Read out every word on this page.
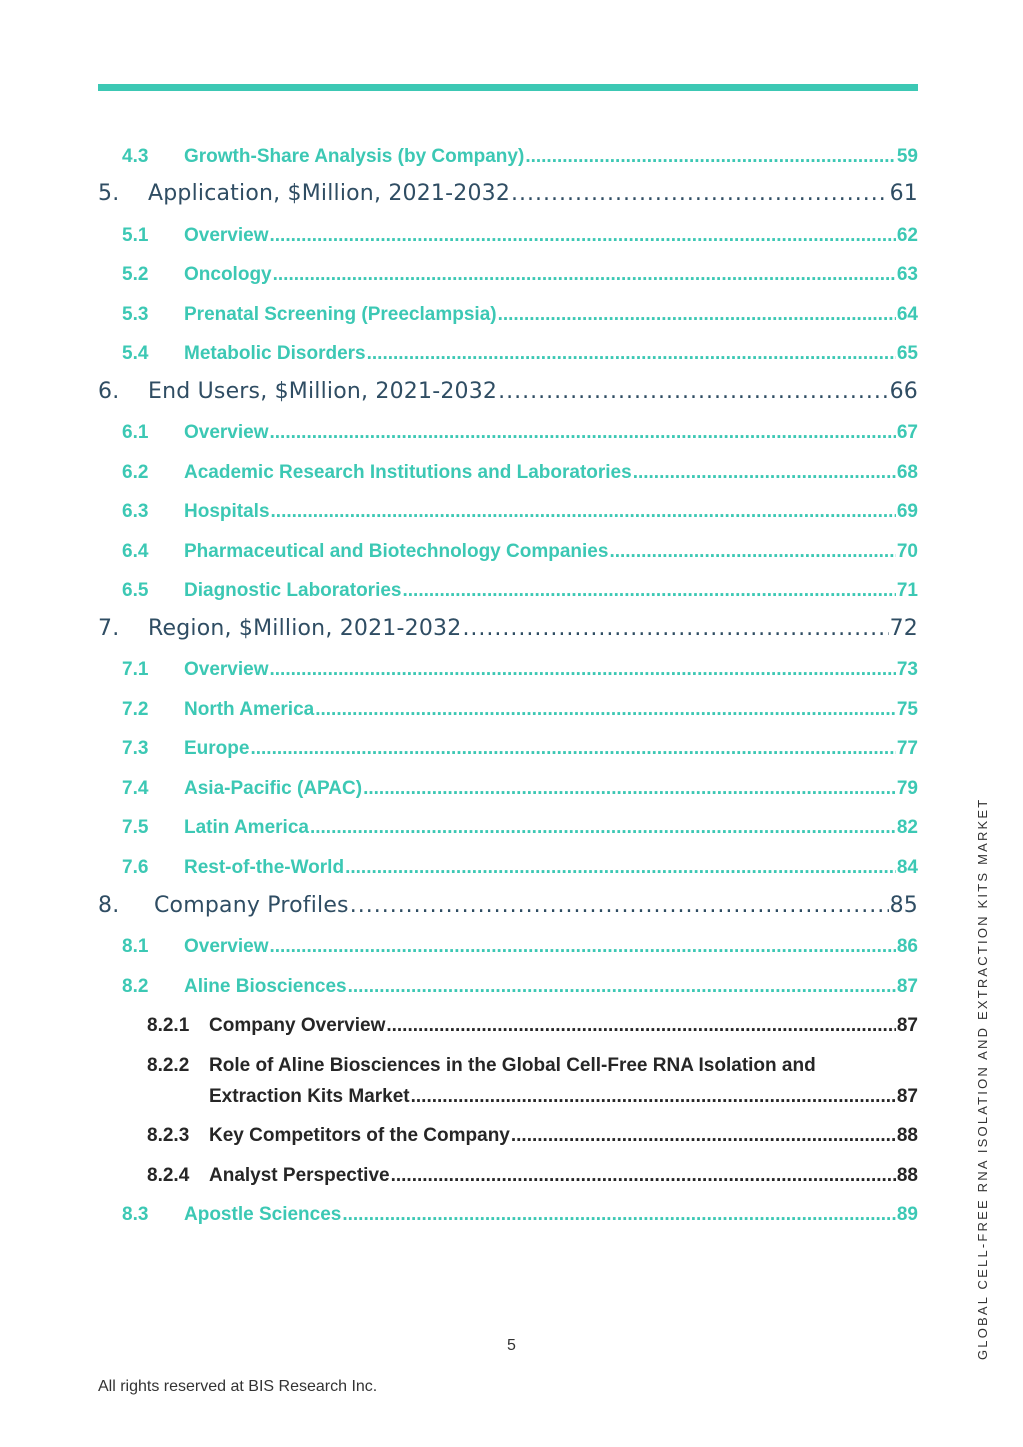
4.3	Growth-Share Analysis (by Company) .....	59
5.	Application, $Million, 2021-2032 .....	61
5.1	Overview .....	62
5.2	Oncology .....	63
5.3	Prenatal Screening (Preeclampsia) .....	64
5.4	Metabolic Disorders .....	65
6.	End Users, $Million, 2021-2032 .....	66
6.1	Overview .....	67
6.2	Academic Research Institutions and Laboratories .....	68
6.3	Hospitals .....	69
6.4	Pharmaceutical and Biotechnology Companies .....	70
6.5	Diagnostic Laboratories .....	71
7.	Region, $Million, 2021-2032 .....	72
7.1	Overview .....	73
7.2	North America .....	75
7.3	Europe .....	77
7.4	Asia-Pacific (APAC) .....	79
7.5	Latin America .....	82
7.6	Rest-of-the-World .....	84
8.	Company Profiles .....	85
8.1	Overview .....	86
8.2	Aline Biosciences .....	87
8.2.1	Company Overview .....	87
8.2.2 Role of Aline Biosciences in the Global Cell-Free RNA Isolation and
Extraction Kits Market .....	87
8.2.3	Key Competitors of the Company .....	88
8.2.4	Analyst Perspective .....	88
8.3	Apostle Sciences .....	89	GLOBAL CELL-FREE RNA ISOLATION AND EXTRACTION KITS MARKET
5
All rights reserved at BIS Research Inc.
